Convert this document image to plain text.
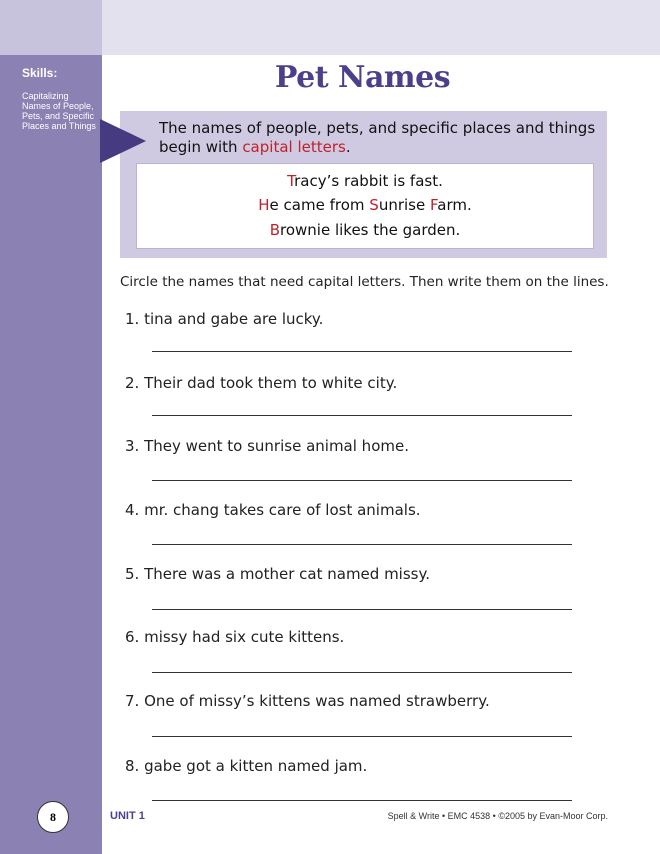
Skills:
Capitalizing Names of People, Pets, and Specific Places and Things
8
Pet Names
The names of people, pets, and specific places and things begin with capital letters.
Tracy’s rabbit is fast.
He came from Sunrise Farm.
Brownie likes the garden.
Circle the names that need capital letters. Then write them on the lines.
1. tina and gabe are lucky.
2. Their dad took them to white city.
3. They went to sunrise animal home.
4. mr. chang takes care of lost animals.
5. There was a mother cat named missy.
6. missy had six cute kittens.
7. One of missy’s kittens was named strawberry.
8. gabe got a kitten named jam.
UNIT 1	Spell & Write • EMC 4538 • ©2005 by Evan-Moor Corp.
